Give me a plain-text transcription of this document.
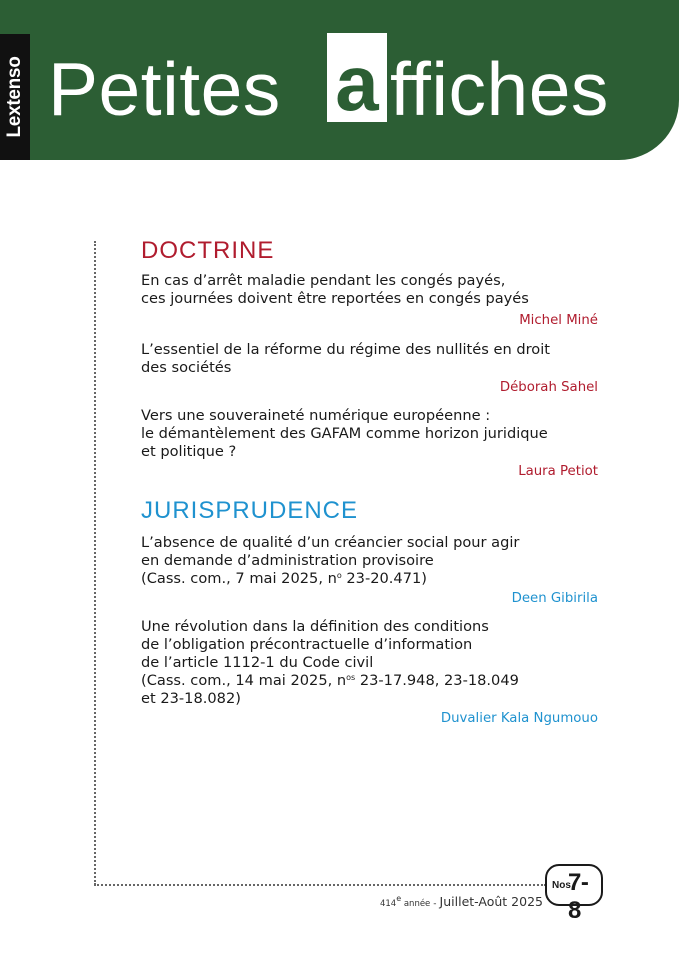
Lextenso Petites a ffiches
DOCTRINE

En cas d’arrêt maladie pendant les congés payés,
ces journées doivent être reportées en congés payés

Michel Miné

L’essentiel de la réforme du régime des nullités en droit
des sociétés

Déborah Sahel

Vers une souveraineté numérique européenne :
le démantèlement des GAFAM comme horizon juridique
et politique ?

Laura Petiot
JURISPRUDENCE

L’absence de qualité d’un créancier social pour agir
en demande d’administration provisoire
(Cass. com., 7 mai 2025, $n^o$ 23-20.471)

Deen Gibirila

Une révolution dans la définition des conditions
de l’obligation précontractuelle d’information
de l’article 1112-1 du Code civil
(Cass. com., 14 mai 2025, $n^{os}$ 23-17.948, 23-18.049
et 23-18.082)

Duvalier Kala Ngumouo
Nos
7-8
414e année - Juillet-Août 2025
